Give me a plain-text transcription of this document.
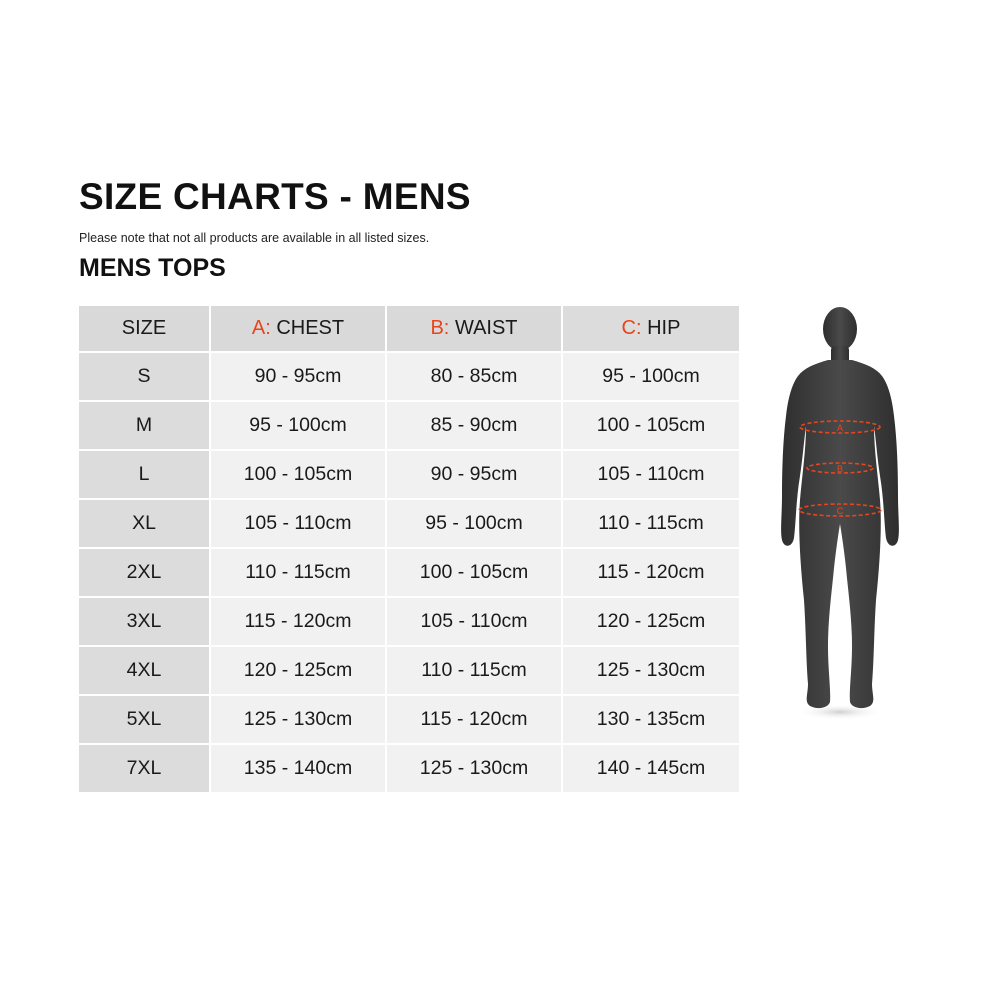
SIZE CHARTS - MENS

Please note that not all products are available in all listed sizes.

MENS TOPS
SIZE	A: CHEST	B: WAIST	C: HIP
S	90 - 95cm	80 - 85cm	95 - 100cm
M	95 - 100cm	85 - 90cm	100 - 105cm
L	100 - 105cm	90 - 95cm	105 - 110cm
XL	105 - 110cm	95 - 100cm	110 - 115cm
2XL	110 - 115cm	100 - 105cm	115 - 120cm
3XL	115 - 120cm	105 - 110cm	120 - 125cm
4XL	120 - 125cm	110 - 115cm	125 - 130cm
5XL	125 - 130cm	115 - 120cm	130 - 135cm
7XL	135 - 140cm	125 - 130cm	140 - 145cm
A
B
C
